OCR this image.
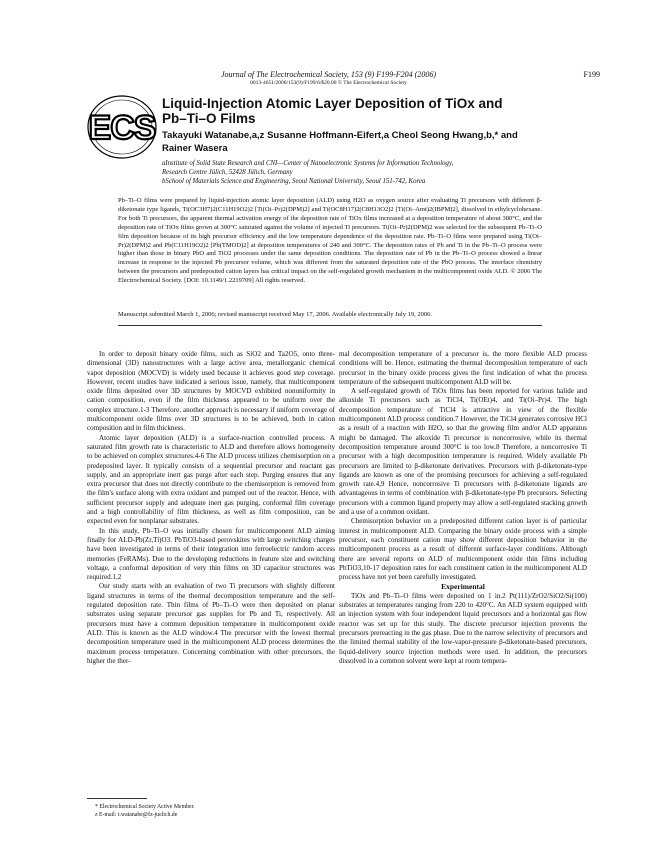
Journal of The Electrochemical Society, 153 (9) F199-F204 (2006)
0013-4651/2006/153(9)/F199/6/$20.00 © The Electrochemical Society
F199
ECS
Liquid-Injection Atomic Layer Deposition of TiOx and
Pb–Ti–O Films
Takayuki Watanabe,a,z Susanne Hoffmann-Eifert,a Cheol Seong Hwang,b,* and
Rainer Wasera
aInstitute of Solid State Research and CNI—Center of Nanoelectronic Systems for Information Technology,
Research Centre Jülich, 52428 Jülich, Germany
bSchool of Materials Science and Engineering, Seoul National University, Seoul 151-742, Korea
Pb–Ti–O films were prepared by liquid-injection atomic layer deposition (ALD) using H2O as oxygen source after evaluating Ti precursors with different β-diketonate type ligands, Ti(OC3H7)2(C11H19O2)2 [Ti(Oi–Pr)2(DPM)2] and Ti(OC8H17)2(C8H13O2)2 [Ti(Oi–Amt)2(IBPM)2], dissolved in ethylcyclohexane. For both Ti precursors, the apparent thermal activation energy of the deposition rate of TiOx films increased at a deposition temperature of about 380°C, and the deposition rate of TiOx films grown at 300°C saturated against the volume of injected Ti precursors. Ti(Oi–Pr)2(DPM)2 was selected for the subsequent Pb–Ti–O film deposition because of its high precursor efficiency and the low temperature dependence of the deposition rate. Pb–Ti–O films were prepared using Ti(Oi–Pr)2(DPM)2 and Pb(C11H19O2)2 [Pb(TMOD)2] at deposition temperatures of 240 and 300°C. The deposition rates of Pb and Ti in the Pb–Ti–O process were higher than those in binary PbO and TiO2 processes under the same deposition conditions. The deposition rate of Pb in the Pb–Ti–O process showed a linear increase in response to the injected Pb precursor volume, which was different from the saturated deposition rate of the PbO process. The interface chemistry between the precursors and predeposited cation layers has critical impact on the self-regulated growth mechanism in the multicomponent oxide ALD. © 2006 The Electrochemical Society. [DOI: 10.1149/1.2219709] All rights reserved.
Manuscript submitted March 1, 2006; revised manuscript received May 17, 2006. Available electronically July 19, 2006.

In order to deposit binary oxide films, such as SiO2 and Ta2O5, onto three-dimensional (3D) nanostructures with a large active area, metallorganic chemical vapor deposition (MOCVD) is widely used because it achieves good step coverage. However, recent studies have indicated a serious issue, namely, that multicomponent oxide films deposited over 3D structures by MOCVD exhibited nonuniformity in cation composition, even if the film thickness appeared to be uniform over the complex structure.1-3 Therefore, another approach is necessary if uniform coverage of multicomponent oxide films over 3D structures is to be achieved, both in cation composition and in film thickness.

Atomic layer deposition (ALD) is a surface-reaction controlled process. A saturated film growth rate is characteristic to ALD and therefore allows homogeneity to be achieved on complex structures.4-6 The ALD process utilizes chemisorption on a predeposited layer. It typically consists of a sequential precursor and reactant gas supply, and an appropriate inert gas purge after each step. Purging ensures that any extra precursor that does not directly contribute to the chemisorption is removed from the film's surface along with extra oxidant and pumped out of the reactor. Hence, with sufficient precursor supply and adequate inert gas purging, conformal film coverage and a high controllability of film thickness, as well as film composition, can be expected even for nonplanar substrates.

In this study, Pb–Ti–O was initially chosen for multicomponent ALD aiming finally for ALD-Pb(Zr,Ti)O3. PbTiO3-based perovskites with large switching charges have been investigated in terms of their integration into ferroelectric random access memories (FeRAMs). Due to the developing reductions in feature size and switching voltage, a conformal deposition of very thin films on 3D capacitor structures was required.1,2

Our study starts with an evaluation of two Ti precursors with slightly different ligand structures in terms of the thermal decomposition temperature and the self-regulated deposition rate. Thin films of Pb–Ti–O were then deposited on planar substrates using separate precursor gas supplies for Pb and Ti, respectively. All precursors must have a common deposition temperature in multicomponent oxide ALD. This is known as the ALD window.4 The precursor with the lowest thermal decomposition temperature used in the multicomponent ALD process determines the maximum process temperature. Concerning combination with other precursors, the higher the ther-

mal decomposition temperature of a precursor is, the more flexible ALD process conditions will be. Hence, estimating the thermal decomposition temperature of each precursor in the binary oxide process gives the first indication of what the process temperature of the subsequent multicomponent ALD will be.

A self-regulated growth of TiOx films has been reported for various halide and alkoxide Ti precursors such as TiCl4, Ti(OEt)4, and Ti(Oi–Pr)4. The high decomposition temperature of TiCl4 is attractive in view of the flexible multicomponent ALD process condition.7 However, the TiCl4 generates corrosive HCl as a result of a reaction with H2O, so that the growing film and/or ALD apparatus might be damaged. The alkoxide Ti precursor is noncorrosive, while its thermal decomposition temperature around 300°C is too low.8 Therefore, a noncorrosive Ti precursor with a high decomposition temperature is required. Widely available Pb precursors are limited to β-diketonate derivatives. Precursors with β-diketonate-type ligands are known as one of the promising precursors for achieving a self-regulated growth rate.4,9 Hence, noncorrosive Ti precursors with β-diketonate ligands are advantageous in terms of combination with β-diketonate-type Pb precursors. Selecting precursors with a common ligand property may allow a self-regulated stacking growth and a use of a common oxidant.

Chemisorption behavior on a predeposited different cation layer is of particular interest in multicomponent ALD. Comparing the binary oxide process with a simple precursor, each constituent cation may show different deposition behavior in the multicomponent process as a result of different surface-layer conditions. Although there are several reports on ALD of multicomponent oxide thin films including PbTiO3,10-17 deposition rates for each constituent cation in the multicomponent ALD process have not yet been carefully investigated.

Experimental

TiOx and Pb–Ti–O films were deposited on 1 in.2 Pt(111)/ZrO2/SiO2/Si(100) substrates at temperatures ranging from 220 to 420°C. An ALD system equipped with an injection system with four independent liquid precursors and a horizontal gas flow reactor was set up for this study. The discrete precursor injection prevents the precursors prereacting in the gas phase. Due to the narrow selectivity of precursors and the limited thermal stability of the low-vapor-pressure β-diketonate-based precursors, liquid-delivery source injection methods were used. In addition, the precursors dissolved in a common solvent were kept at room tempera-

* Electrochemical Society Active Member.
z E-mail: t.watanabe@fz-juelich.de
